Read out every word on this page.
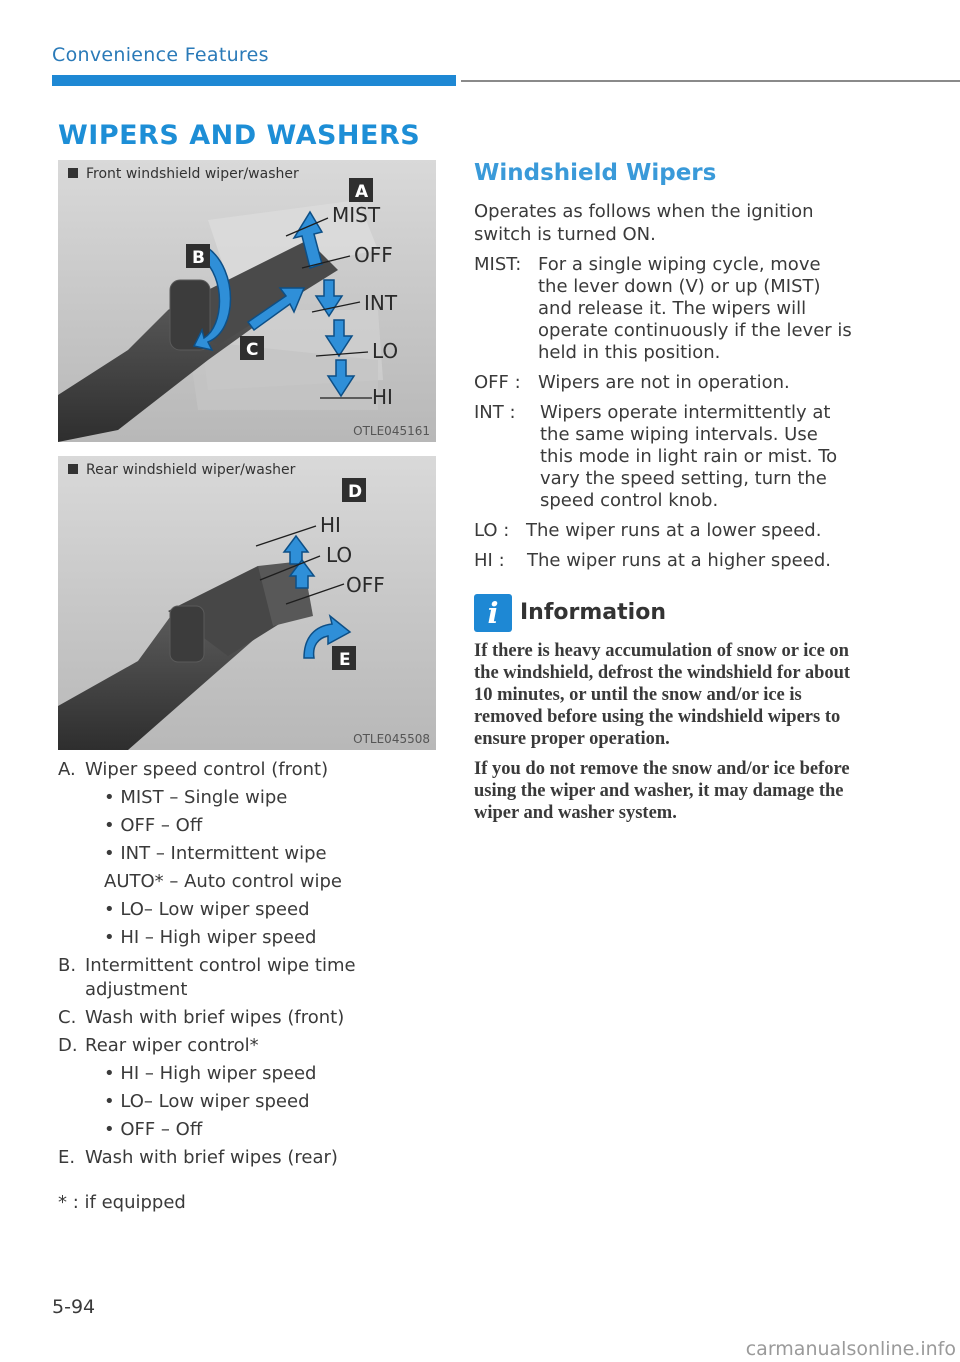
Convenience Features
WIPERS AND WASHERS
Front windshield wiper/washer
MIST
OFF
INT
LO
HI
A
B
C
OTLE045161
Rear windshield wiper/washer
HI
LO
OFF
D
E
OTLE045508
A. Wiper speed control (front)
• MIST – Single wipe
• OFF – Off
• INT – Intermittent wipe
AUTO* – Auto control wipe
• LO– Low wiper speed
• HI – High wiper speed
B. Intermittent control wipe time adjustment
C. Wash with brief wipes (front)
D. Rear wiper control*
• HI – High wiper speed
• LO– Low wiper speed
• OFF – Off
E. Wash with brief wipes (rear)
* : if equipped
5-94
Windshield Wipers
Operates as follows when the ignition switch is turned ON.
MIST: For a single wiping cycle, move the lever down (V) or up (MIST) and release it. The wipers will operate continuously if the lever is held in this position.
OFF : Wipers are not in operation.
INT : Wipers operate intermittently at the same wiping intervals. Use this mode in light rain or mist. To vary the speed setting, turn the speed control knob.
LO : The wiper runs at a lower speed.
HI : The wiper runs at a higher speed.
i Information
If there is heavy accumulation of snow or ice on the windshield, defrost the windshield for about 10 minutes, or until the snow and/or ice is removed before using the windshield wipers to ensure proper operation.
If you do not remove the snow and/or ice before using the wiper and washer, it may damage the wiper and washer system.
carmanualsonline.info
